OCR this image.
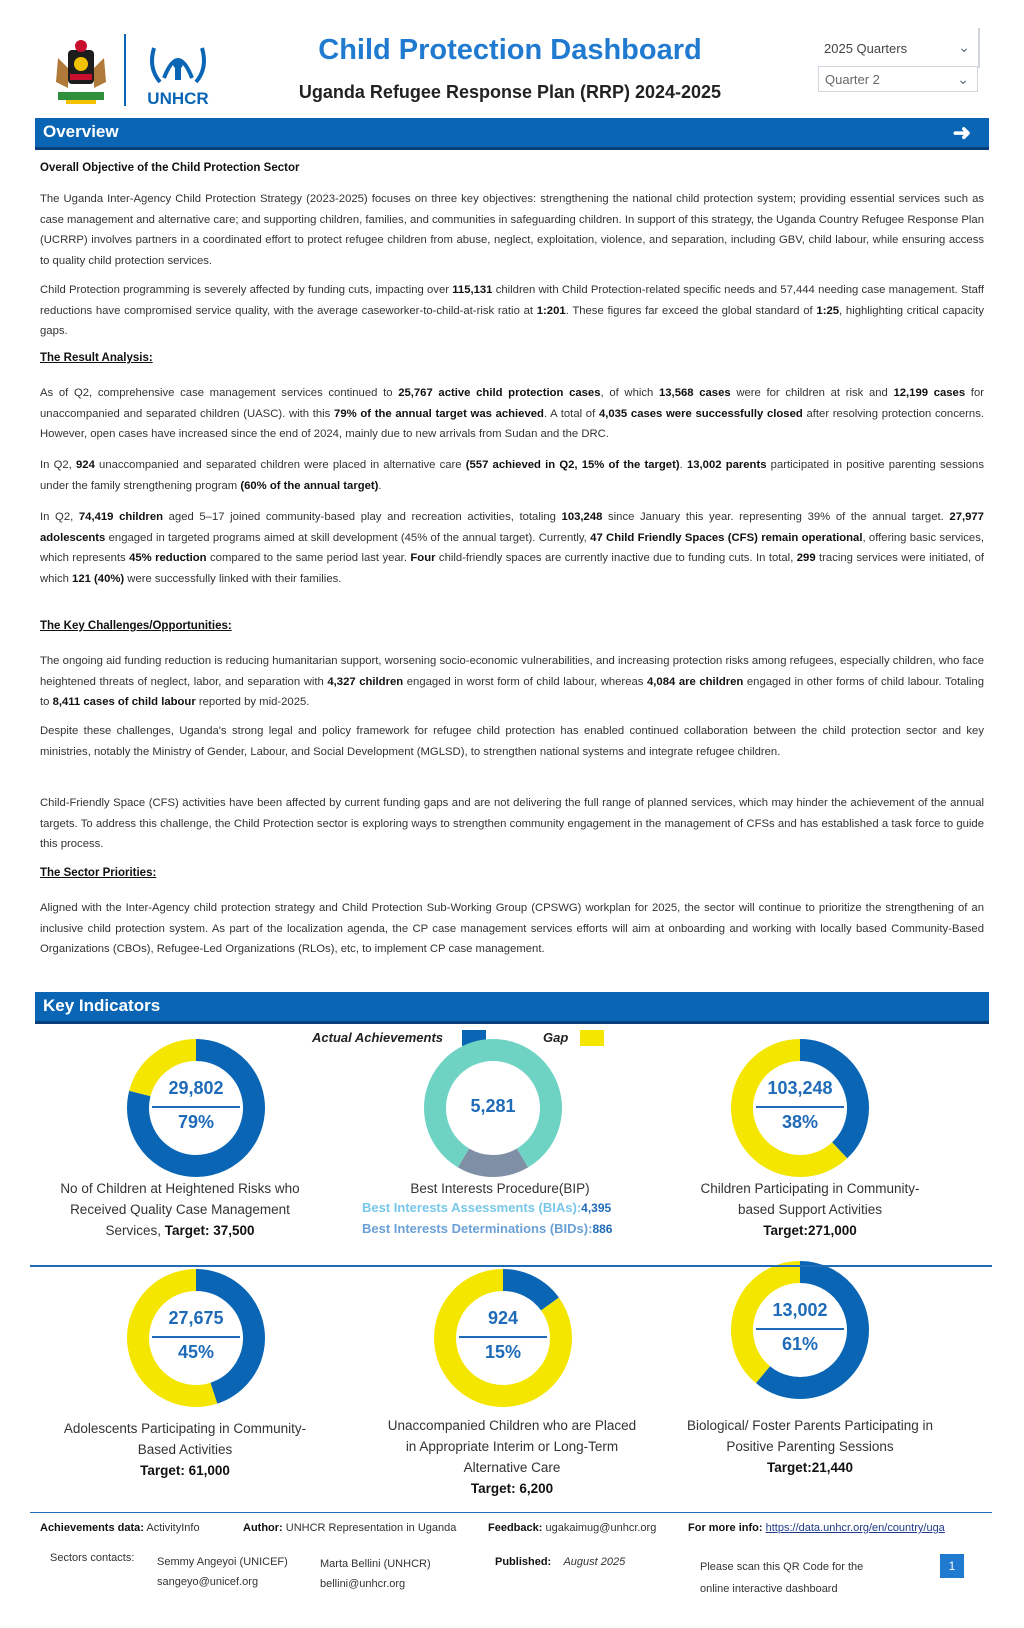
UNHCR
Child Protection Dashboard
Uganda Refugee Response Plan (RRP) 2024-2025
2025 Quarters	⌄
Quarter 2	⌄
Overview	➜
Overall Objective of the Child Protection Sector
The Uganda Inter-Agency Child Protection Strategy (2023-2025) focuses on three key objectives: strengthening the national child protection system; providing essential services such as case management and alternative care; and supporting children, families, and communities in safeguarding children. In support of this strategy, the Uganda Country Refugee Response Plan (UCRRP) involves partners in a coordinated effort to protect refugee children from abuse, neglect, exploitation, violence, and separation, including GBV, child labour, while ensuring access to quality child protection services.
Child Protection programming is severely affected by funding cuts, impacting over 115,131 children with Child Protection-related specific needs and 57,444 needing case management. Staff reductions have compromised service quality, with the average caseworker-to-child-at-risk ratio at 1:201. These figures far exceed the global standard of 1:25, highlighting critical capacity gaps.
The Result Analysis:
As of Q2, comprehensive case management services continued to 25,767 active child protection cases, of which 13,568 cases were for children at risk and 12,199 cases for unaccompanied and separated children (UASC). with this 79% of the annual target was achieved. A total of 4,035 cases were successfully closed after resolving protection concerns. However, open cases have increased since the end of 2024, mainly due to new arrivals from Sudan and the DRC.
In Q2, 924 unaccompanied and separated children were placed in alternative care (557 achieved in Q2, 15% of the target). 13,002 parents participated in positive parenting sessions under the family strengthening program (60% of the annual target).
In Q2, 74,419 children aged 5–17 joined community-based play and recreation activities, totaling 103,248 since January this year. representing 39% of the annual target. 27,977 adolescents engaged in targeted programs aimed at skill development (45% of the annual target). Currently, 47 Child Friendly Spaces (CFS) remain operational, offering basic services, which represents 45% reduction compared to the same period last year. Four child-friendly spaces are currently inactive due to funding cuts. In total, 299 tracing services were initiated, of which 121 (40%) were successfully linked with their families.
The Key Challenges/Opportunities:
The ongoing aid funding reduction is reducing humanitarian support, worsening socio-economic vulnerabilities, and increasing protection risks among refugees, especially children, who face heightened threats of neglect, labor, and separation with 4,327 children engaged in worst form of child labour, whereas 4,084 are children engaged in other forms of child labour. Totaling to 8,411 cases of child labour reported by mid-2025.
Despite these challenges, Uganda's strong legal and policy framework for refugee child protection has enabled continued collaboration between the child protection sector and key ministries, notably the Ministry of Gender, Labour, and Social Development (MGLSD), to strengthen national systems and integrate refugee children.
Child-Friendly Space (CFS) activities have been affected by current funding gaps and are not delivering the full range of planned services, which may hinder the achievement of the annual targets. To address this challenge, the Child Protection sector is exploring ways to strengthen community engagement in the management of CFSs and has established a task force to guide this process.
The Sector Priorities:
Aligned with the Inter-Agency child protection strategy and Child Protection Sub-Working Group (CPSWG) workplan for 2025, the sector will continue to prioritize the strengthening of an inclusive child protection system. As part of the localization agenda, the CP case management services efforts will aim at onboarding and working with locally based Community-Based Organizations (CBOs), Refugee-Led Organizations (RLOs), etc, to implement CP case management.
Key Indicators
Actual Achievements	Gap
29,802
79%
5,281
103,248
38%
27,675
45%
924
15%
13,002
61%
No of Children at Heightened Risks who
Received Quality Case Management
Services, Target: 37,500
Best Interests Procedure(BIP)
Best Interests Assessments (BIAs):4,395
Best Interests Determinations (BIDs):886
Children Participating in Community-
based Support Activities
Target:271,000
Adolescents Participating in Community-
Based Activities
Target: 61,000
Unaccompanied Children who are Placed
in Appropriate Interim or Long-Term
Alternative Care
Target: 6,200
Biological/ Foster Parents Participating in
Positive Parenting Sessions
Target:21,440
Achievements data: ActivityInfo	Author: UNHCR Representation in Uganda	Feedback: ugakaimug@unhcr.org	For more info: https://data.unhcr.org/en/country/uga
Sectors contacts: Semmy Angeyoi (UNICEF)
sangeyo@unicef.org
Marta Bellini (UNHCR)
bellini@unhcr.org
Published: August 2025	Please scan this QR Code for the
online interactive dashboard
1
